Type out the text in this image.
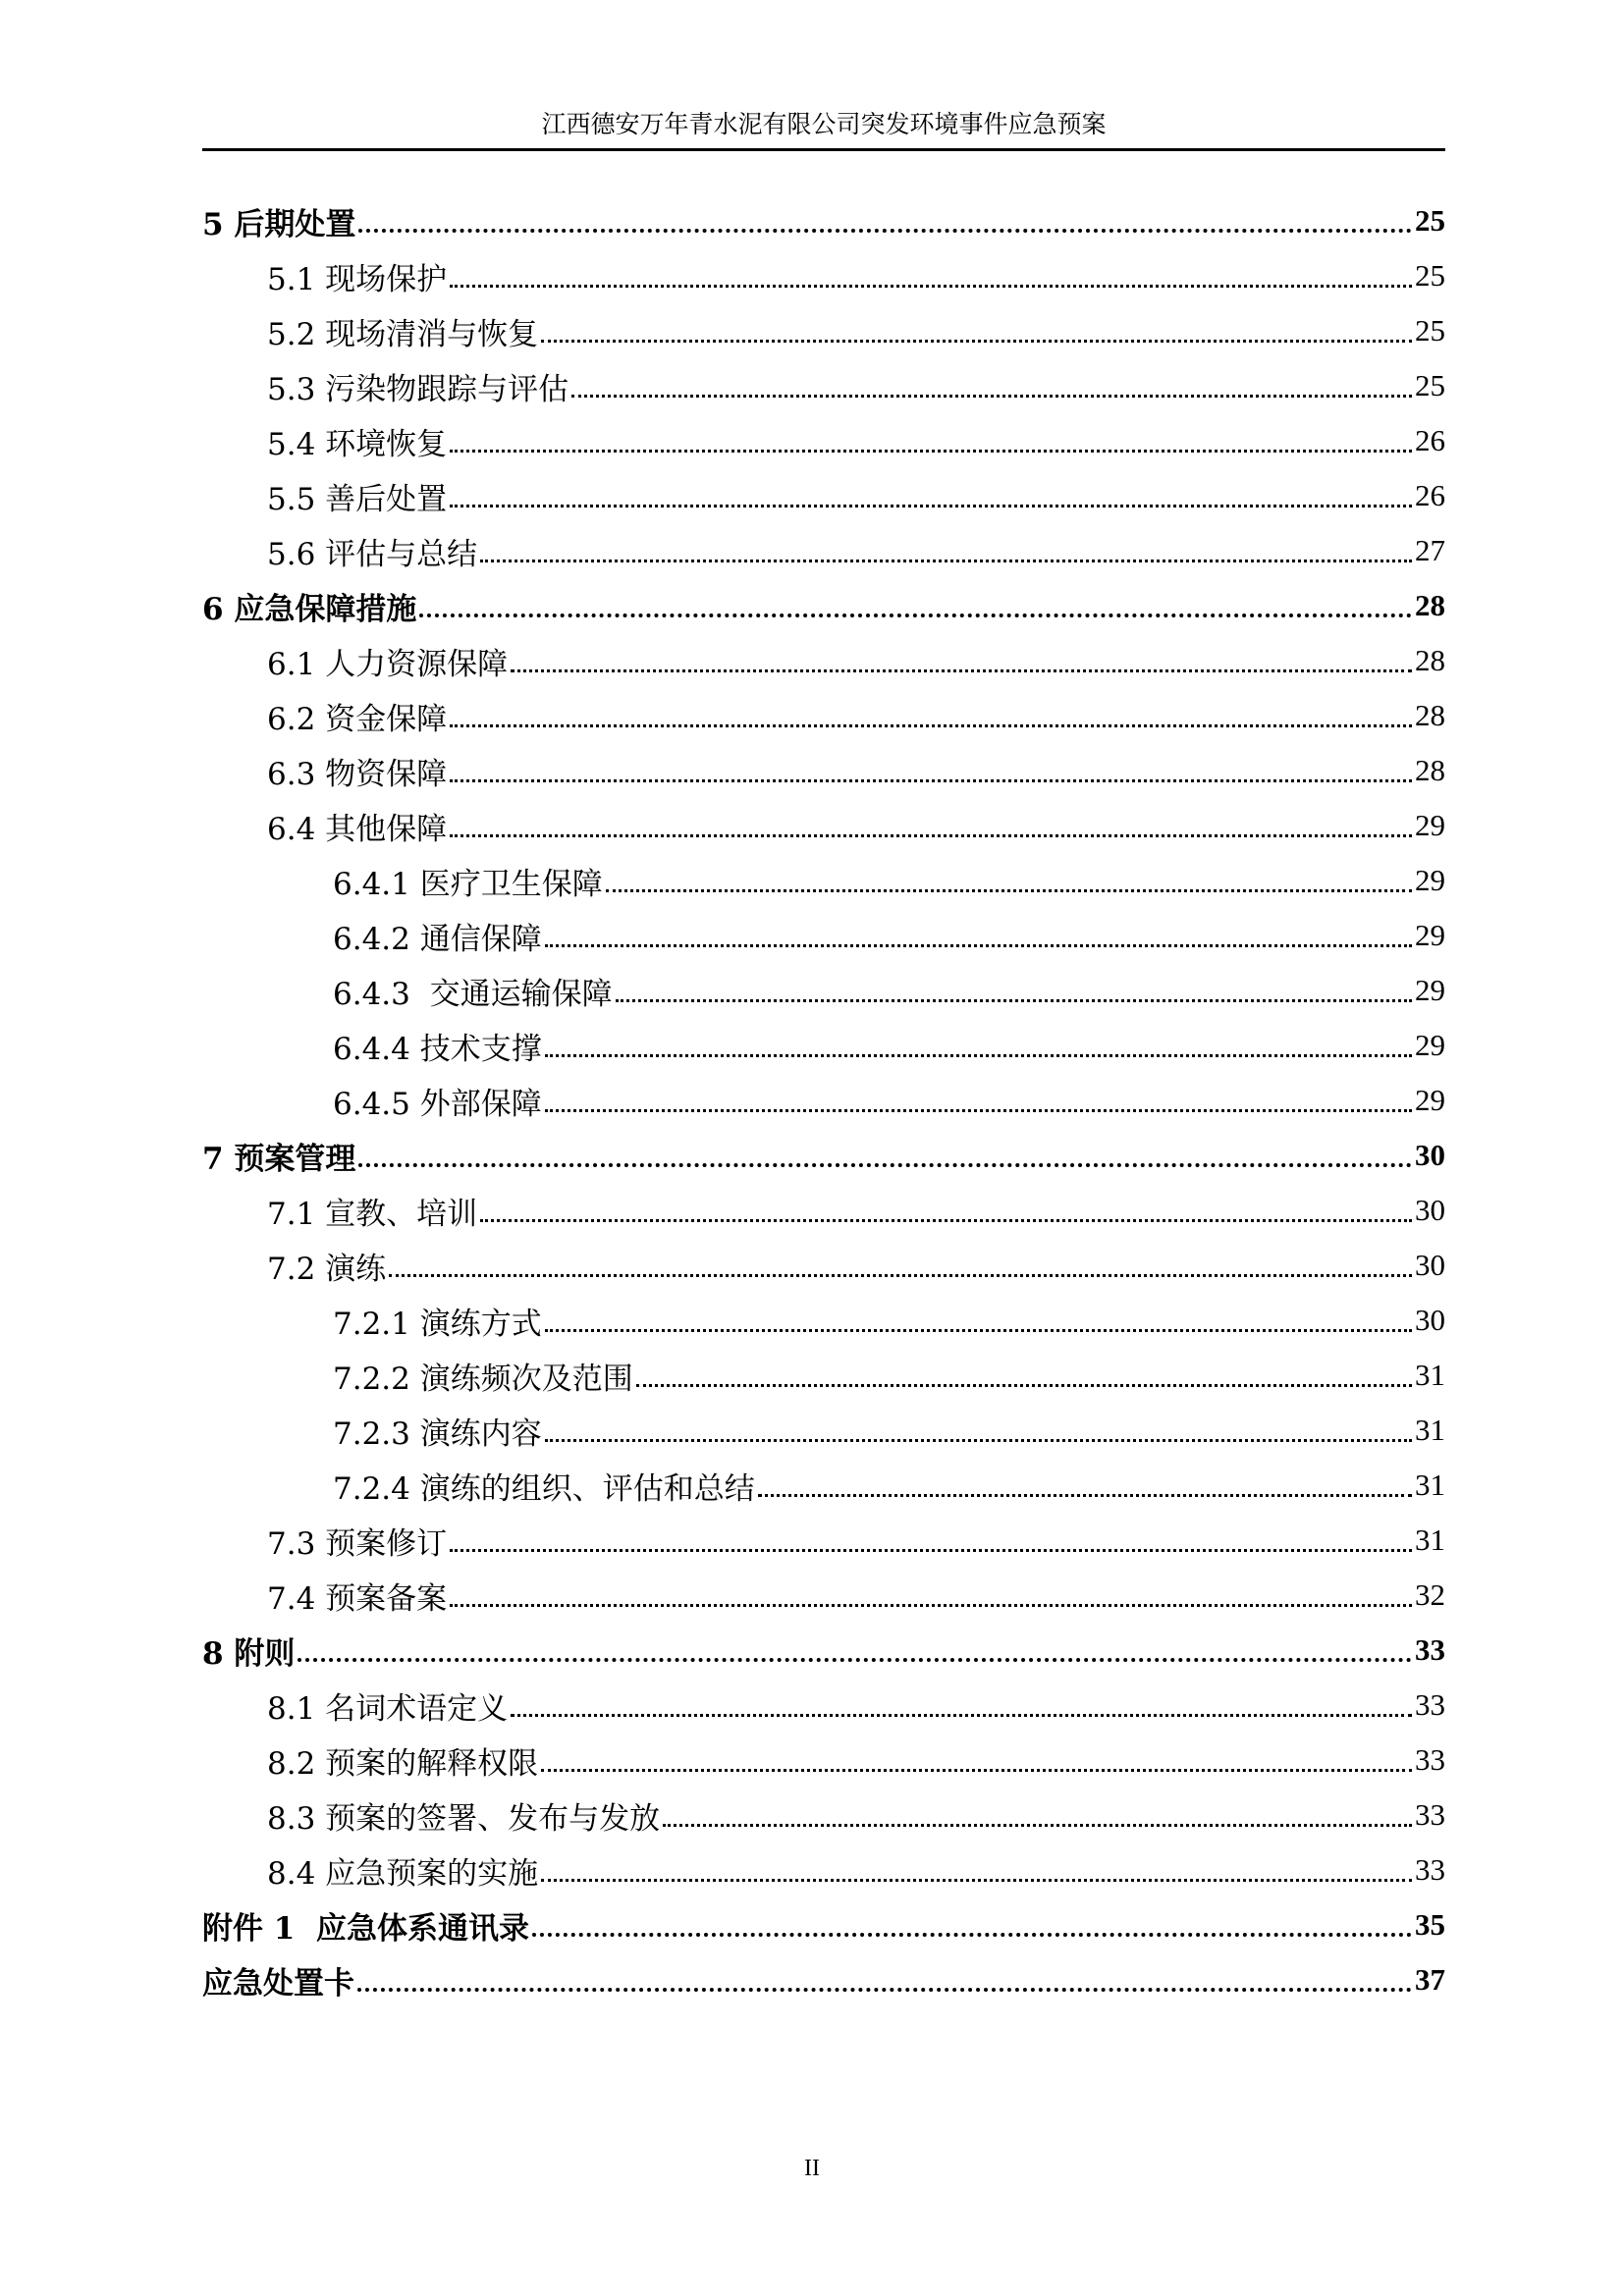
江西德安万年青水泥有限公司突发环境事件应急预案
5 后期处置	25
5.1 现场保护	25
5.2 现场清消与恢复	25
5.3 污染物跟踪与评估	25
5.4 环境恢复	26
5.5 善后处置	26
5.6 评估与总结	27
6 应急保障措施	28
6.1 人力资源保障	28
6.2 资金保障	28
6.3 物资保障	28
6.4 其他保障	29
6.4.1 医疗卫生保障	29
6.4.2 通信保障	29
6.4.3  交通运输保障	29
6.4.4 技术支撑	29
6.4.5 外部保障	29
7 预案管理	30
7.1 宣教、培训	30
7.2 演练	30
7.2.1 演练方式	30
7.2.2 演练频次及范围	31
7.2.3 演练内容	31
7.2.4 演练的组织、评估和总结	31
7.3 预案修订	31
7.4 预案备案	32
8 附则	33
8.1 名词术语定义	33
8.2 预案的解释权限	33
8.3 预案的签署、发布与发放	33
8.4 应急预案的实施	33
附件 1  应急体系通讯录	35
应急处置卡	37
II
